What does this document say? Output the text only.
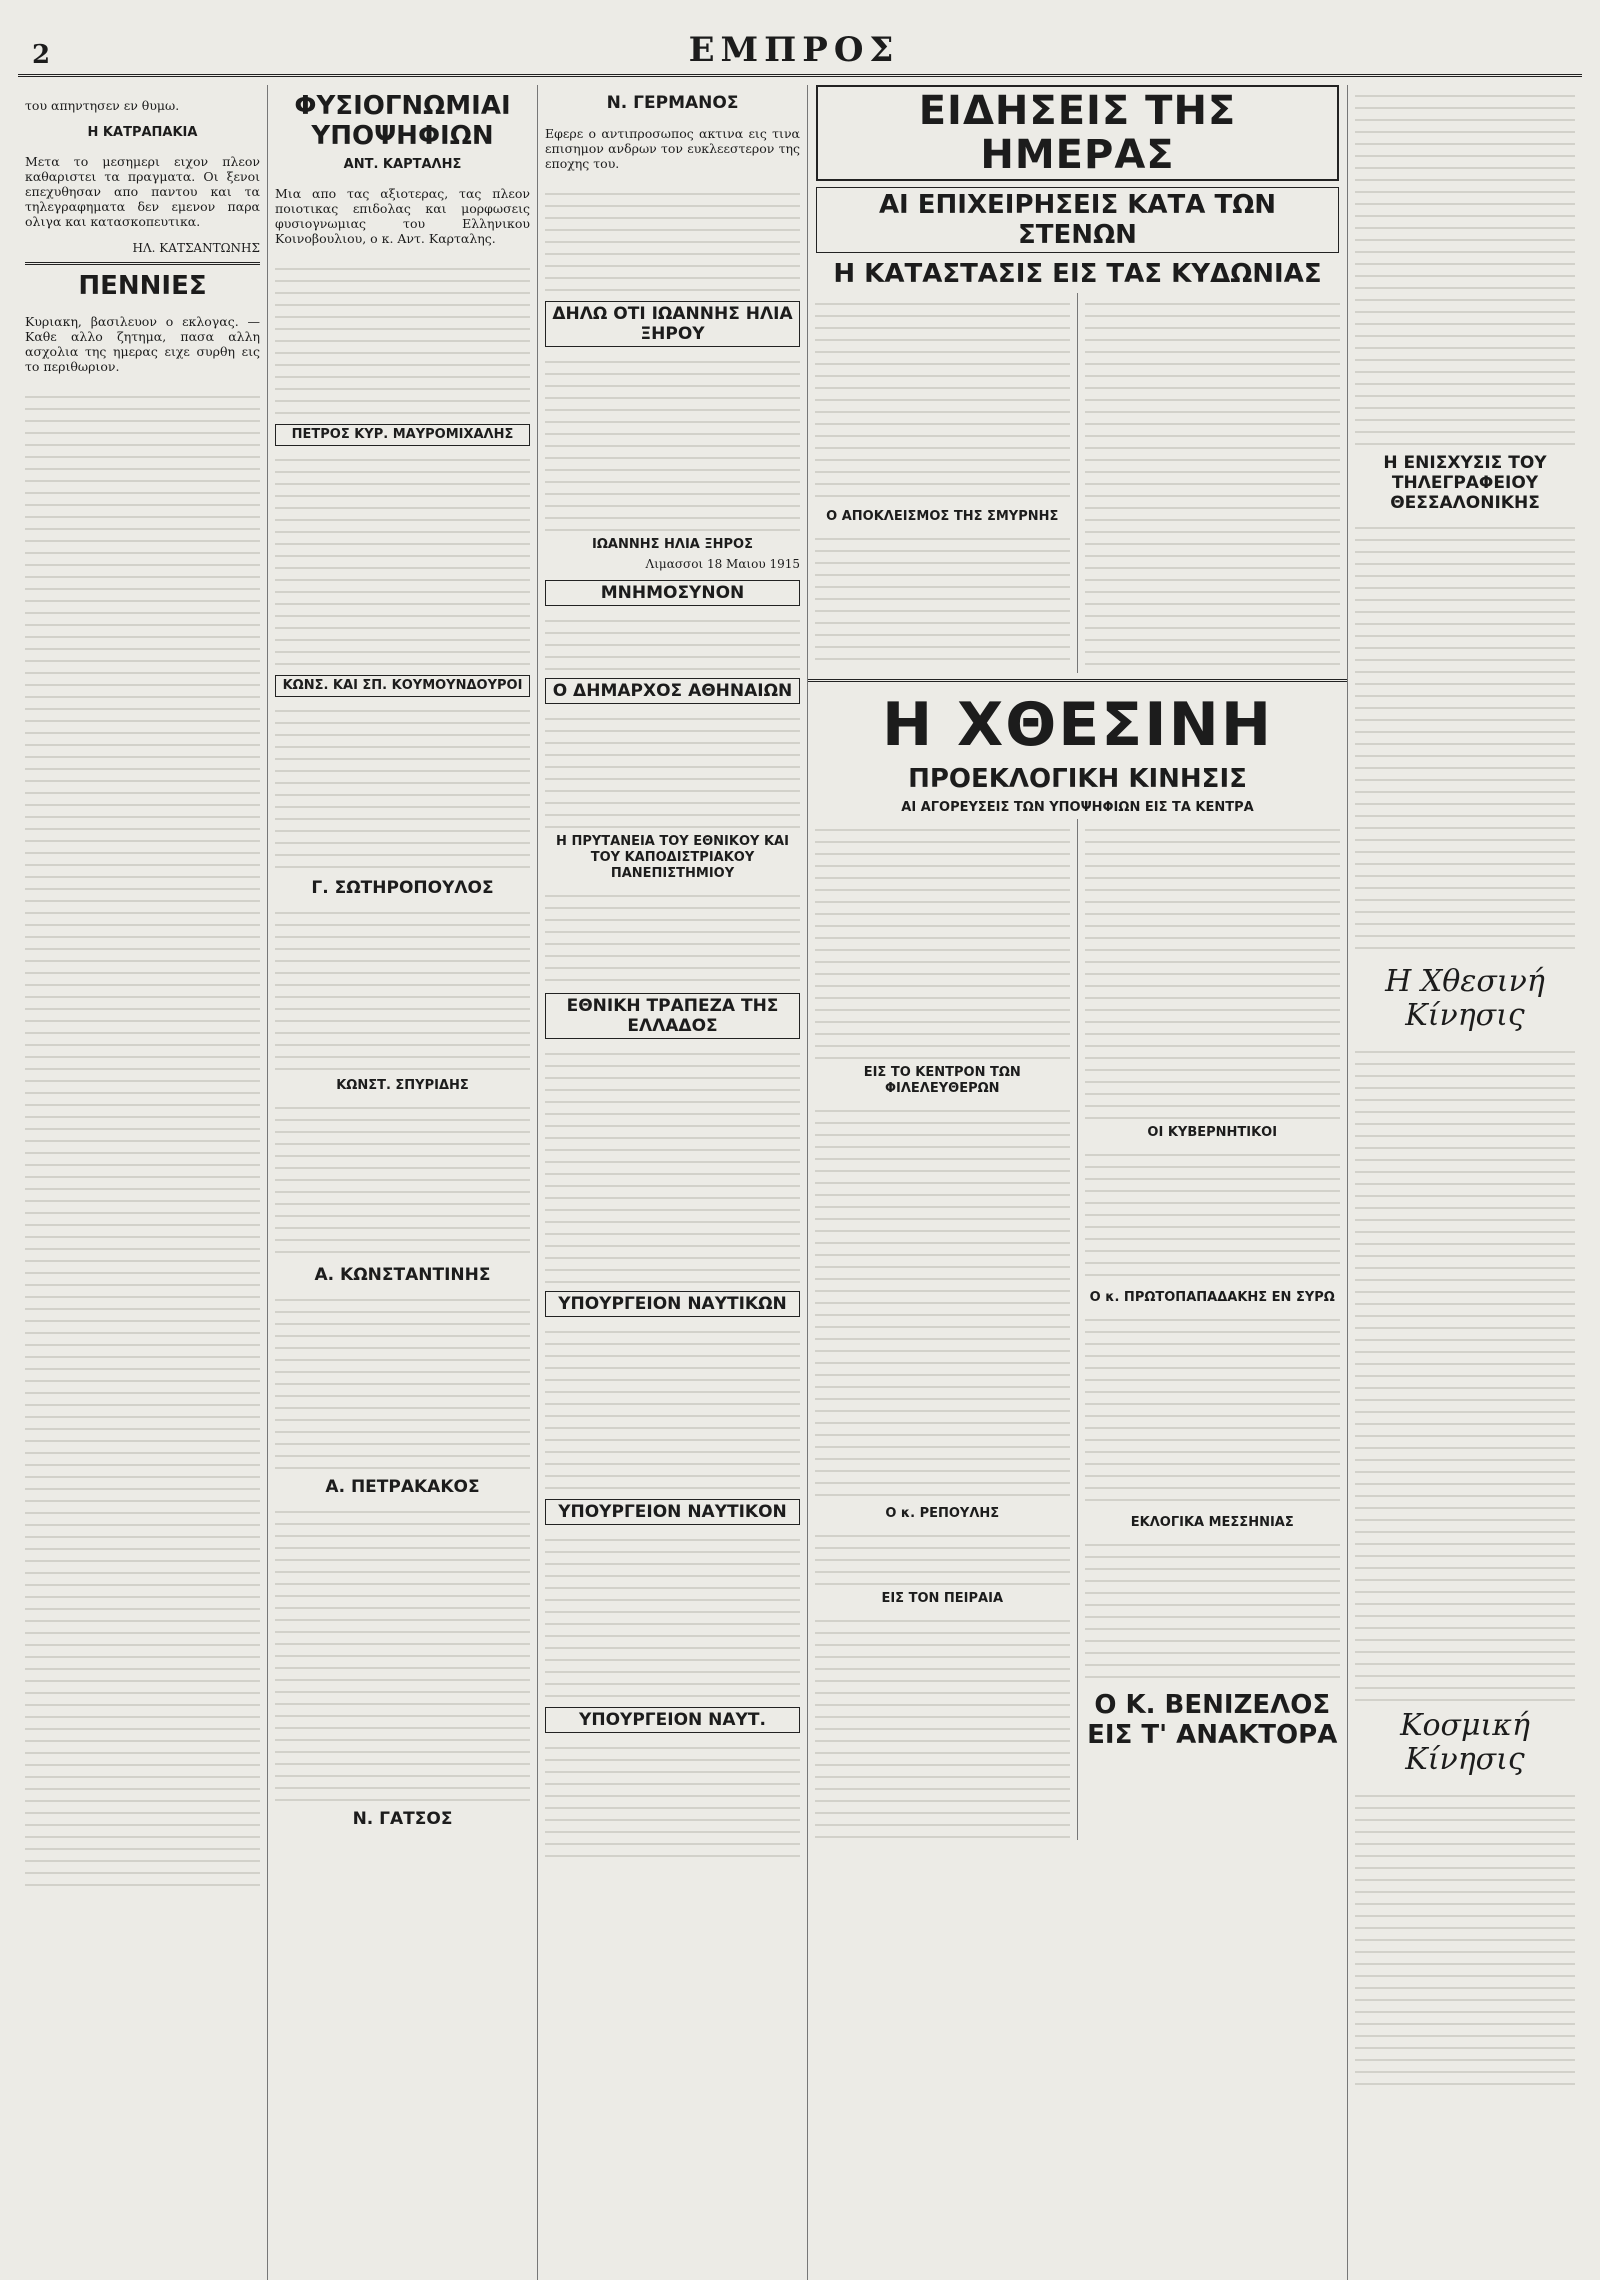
2	ΕΜΠΡΟΣ

του απηντησεν εν θυμω.

Η ΚΑΤΡΑΠΑΚΙΑ

Μετα το μεσημερι ειχον πλεον καθαριστει τα πραγματα. Οι ξενοι επεχυθησαν απο παντου και τα τηλεγραφηματα δεν εμενον παρα ολιγα και κατασκοπευτικα.

ΗΛ. ΚΑΤΣΑΝΤΩΝΗΣ
ΠΕΝΝΙΕΣ

Κυριακη, βασιλευον ο εκλογας. — Καθε αλλο ζητημα, πασα αλλη ασχολια της ημερας ειχε συρθη εις το περιθωριον.

ΦΥΣΙΟΓΝΩΜΙΑΙ ΥΠΟΨΗΦΙΩΝ
ΑΝΤ. ΚΑΡΤΑΛΗΣ

Μια απο τας αξιοτερας, τας πλεον ποιοτικας επιδολας και μορφωσεις φυσιογνωμιας του Ελληνικου Κοινοβουλιου, ο κ. Αντ. Καρταλης.

ΠΕΤΡΟΣ ΚΥΡ. ΜΑΥΡΟΜΙΧΑΛΗΣ
ΚΩΝΣ. ΚΑΙ ΣΠ. ΚΟΥΜΟΥΝΔΟΥΡΟΙ
Γ. ΣΩΤΗΡΟΠΟΥΛΟΣ
ΚΩΝΣΤ. ΣΠΥΡΙΔΗΣ
Α. ΚΩΝΣΤΑΝΤΙΝΗΣ
Α. ΠΕΤΡΑΚΑΚΟΣ
Ν. ΓΑΤΣΟΣ
Ν. ΓΕΡΜΑΝΟΣ

Εφερε ο αντιπροσωπος ακτινα εις τινα επισημον ανδρων τον ευκλεεστερον της εποχης του.

ΔΗΛΩ ΟΤΙ ΙΩΑΝΝΗΣ ΗΛΙΑ ΞΗΡΟΥ
ΙΩΑΝΝΗΣ ΗΛΙΑ ΞΗΡΟΣ
Λιμασσοι 18 Μαιου 1915
ΜΝΗΜΟΣΥΝΟΝ
Ο ΔΗΜΑΡΧΟΣ ΑΘΗΝΑΙΩΝ
Η ΠΡΥΤΑΝΕΙΑ ΤΟΥ ΕΘΝΙΚΟΥ ΚΑΙ ΤΟΥ ΚΑΠΟΔΙΣΤΡΙΑΚΟΥ ΠΑΝΕΠΙΣΤΗΜΙΟΥ
ΕΘΝΙΚΗ ΤΡΑΠΕΖΑ ΤΗΣ ΕΛΛΑΔΟΣ
ΥΠΟΥΡΓΕΙΟΝ ΝΑΥΤΙΚΩΝ
ΥΠΟΥΡΓΕΙΟΝ ΝΑΥΤΙΚΟΝ
ΥΠΟΥΡΓΕΙΟΝ ΝΑΥΤ.
ΕΙΔΗΣΕΙΣ ΤΗΣ ΗΜΕΡΑΣ
ΑΙ ΕΠΙΧΕΙΡΗΣΕΙΣ ΚΑΤΑ ΤΩΝ ΣΤΕΝΩΝ
Η ΚΑΤΑΣΤΑΣΙΣ ΕΙΣ ΤΑΣ ΚΥΔΩΝΙΑΣ
Ο ΑΠΟΚΛΕΙΣΜΟΣ ΤΗΣ ΣΜΥΡΝΗΣ
Η ΧΘΕΣΙΝΗ
ΠΡΟΕΚΛΟΓΙΚΗ ΚΙΝΗΣΙΣ
ΑΙ ΑΓΟΡΕΥΣΕΙΣ ΤΩΝ ΥΠΟΨΗΦΙΩΝ ΕΙΣ ΤΑ ΚΕΝΤΡΑ
ΕΙΣ ΤΟ ΚΕΝΤΡΟΝ ΤΩΝ ΦΙΛΕΛΕΥΘΕΡΩΝ
Ο κ. ΡΕΠΟΥΛΗΣ
ΕΙΣ ΤΟΝ ΠΕΙΡΑΙΑ
ΟΙ ΚΥΒΕΡΝΗΤΙΚΟΙ
Ο κ. ΠΡΩΤΟΠΑΠΑΔΑΚΗΣ ΕΝ ΣΥΡΩ
ΕΚΛΟΓΙΚΑ ΜΕΣΣΗΝΙΑΣ
Ο Κ. ΒΕΝΙΖΕΛΟΣ ΕΙΣ Τ' ΑΝΑΚΤΟΡΑ
Η ΕΝΙΣΧΥΣΙΣ ΤΟΥ ΤΗΛΕΓΡΑΦΕΙΟΥ ΘΕΣΣΑΛΟΝΙΚΗΣ
Η Χθεσινή Κίνησις
Κοσμική Κίνησις
